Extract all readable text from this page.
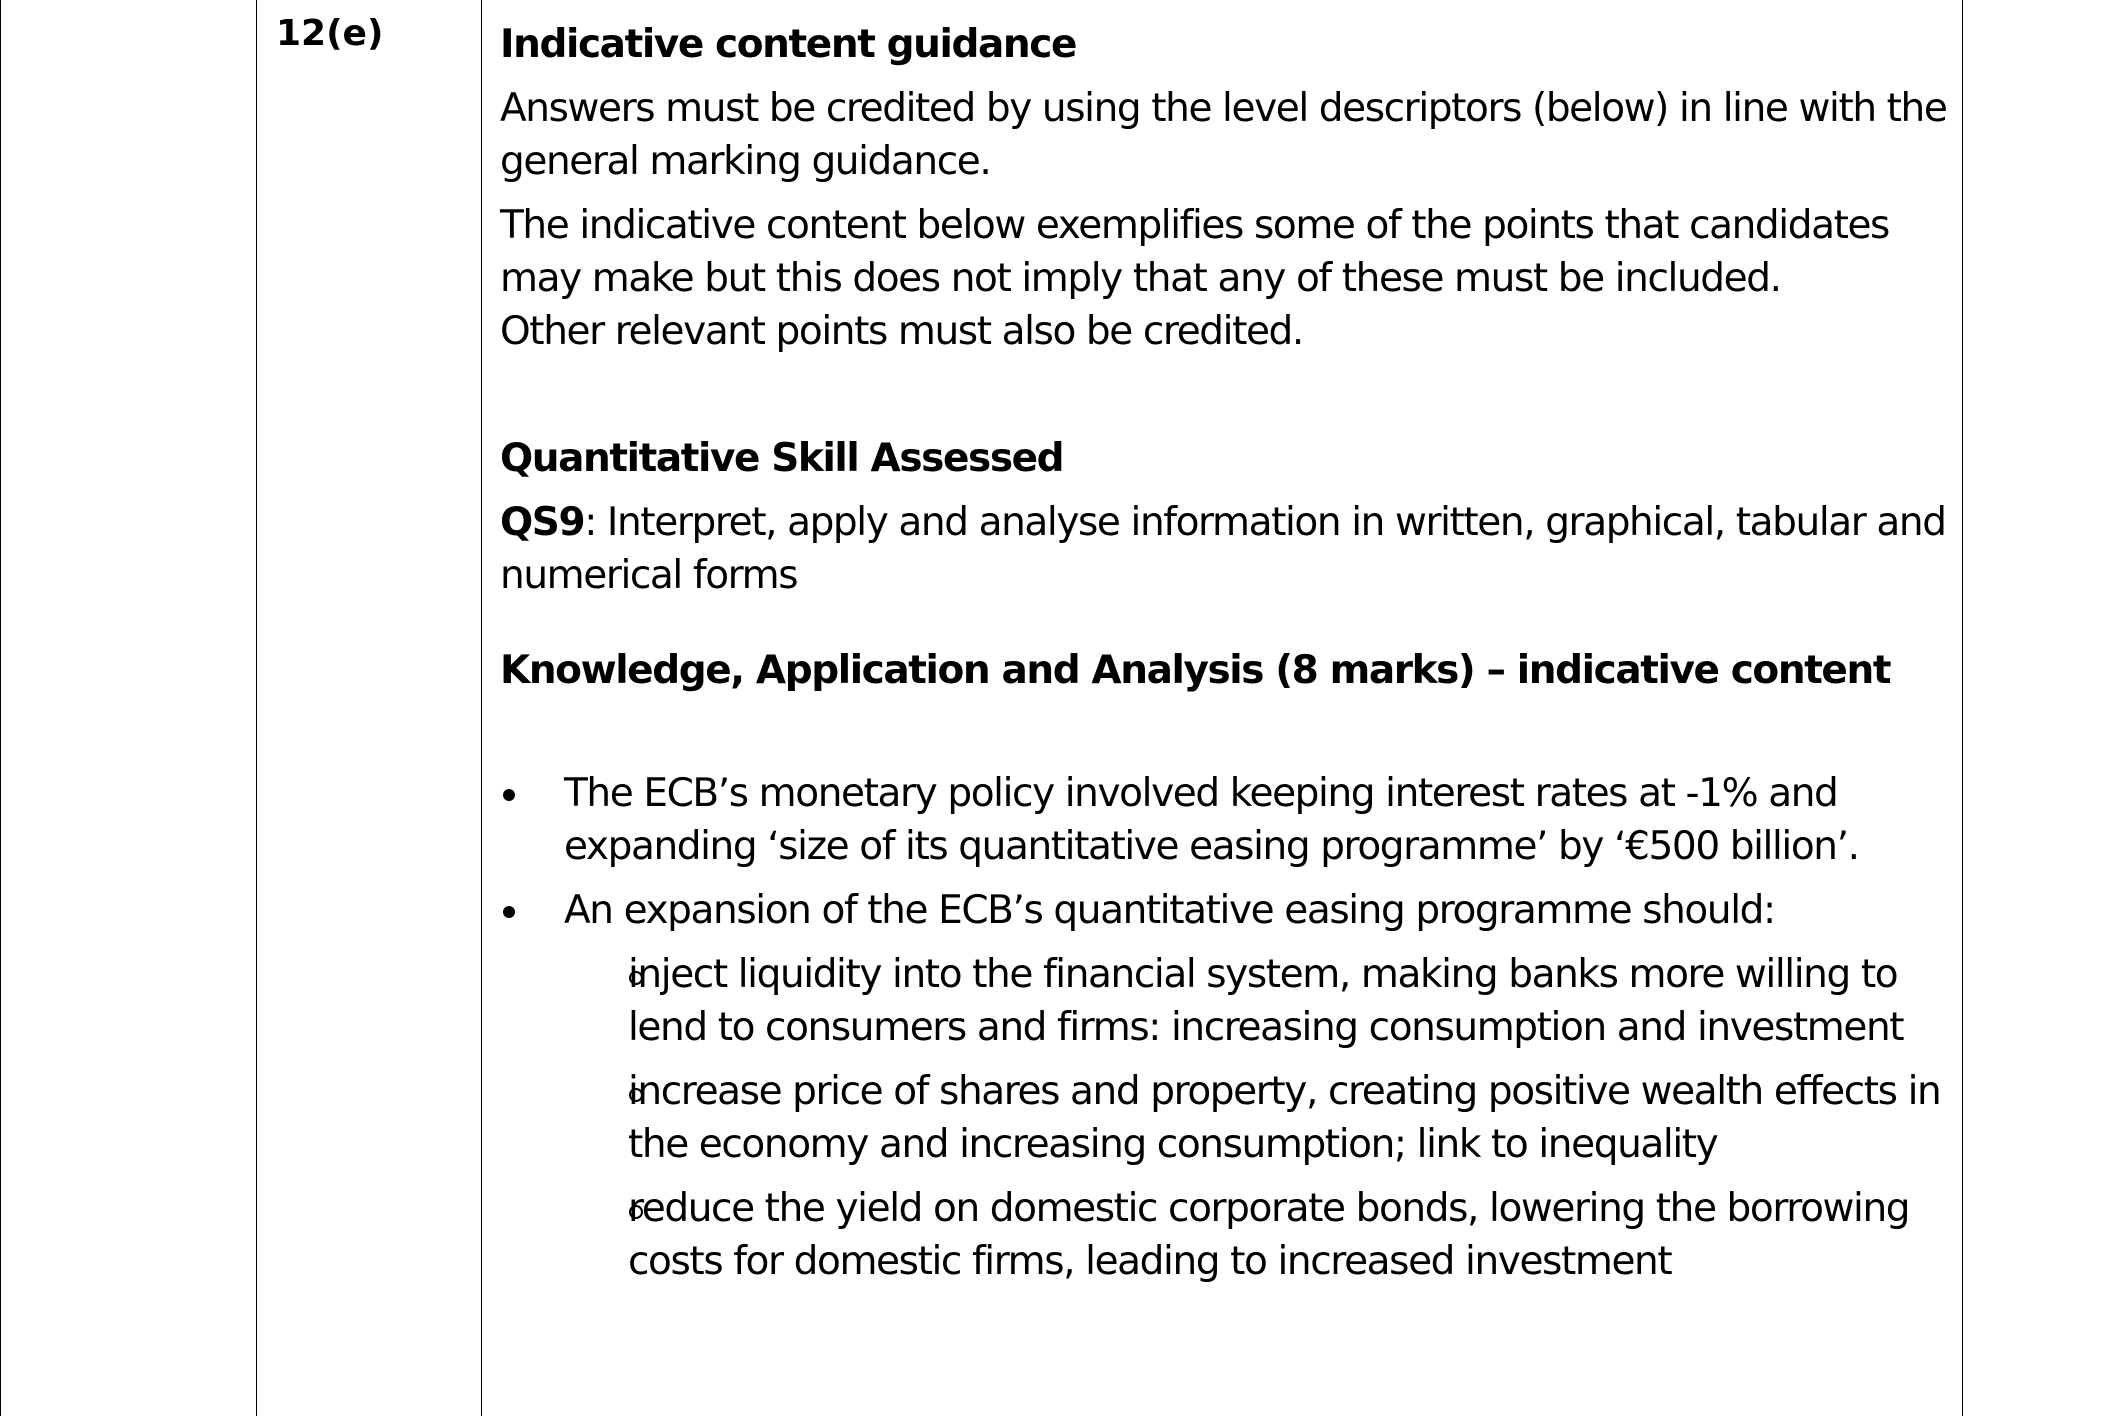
12(e)	Indicative content guidance

Answers must be credited by using the level descriptors (below) in line with the general marking guidance.

The indicative content below exemplifies some of the points that candidates may make but this does not imply that any of these must be included.

Other relevant points must also be credited.

Quantitative Skill Assessed

QS9: Interpret, apply and analyse information in written, graphical, tabular and numerical forms

Knowledge, Application and Analysis (8 marks) – indicative content

The ECB’s monetary policy involved keeping interest rates at -1% and expanding ‘size of its quantitative easing programme’ by ‘€500 billion’.
An expansion of the ECB’s quantitative easing programme should:
inject liquidity into the financial system, making banks more willing to lend to consumers and firms: increasing consumption and investment
increase price of shares and property, creating positive wealth effects in the economy and increasing consumption; link to inequality
reduce the yield on domestic corporate bonds, lowering the borrowing costs for domestic firms, leading to increased investment
